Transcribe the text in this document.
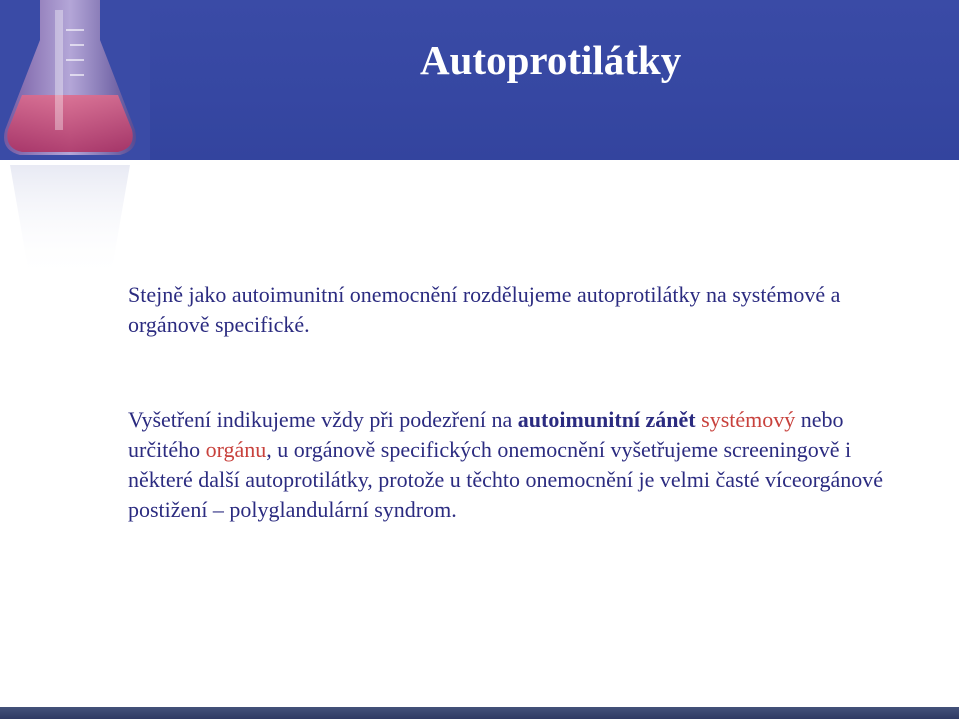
Autoprotilátky

Stejně jako autoimunitní onemocnění rozdělujeme autoprotilátky na systémové a orgánově specifické.

Vyšetření indikujeme vždy při podezření na autoimunitní zánět systémový nebo určitého orgánu, u orgánově specifických onemocnění vyšetřujeme screeningově i některé další autoprotilátky, protože u těchto onemocnění je velmi časté víceorgánové postižení – polyglandulární syndrom.
